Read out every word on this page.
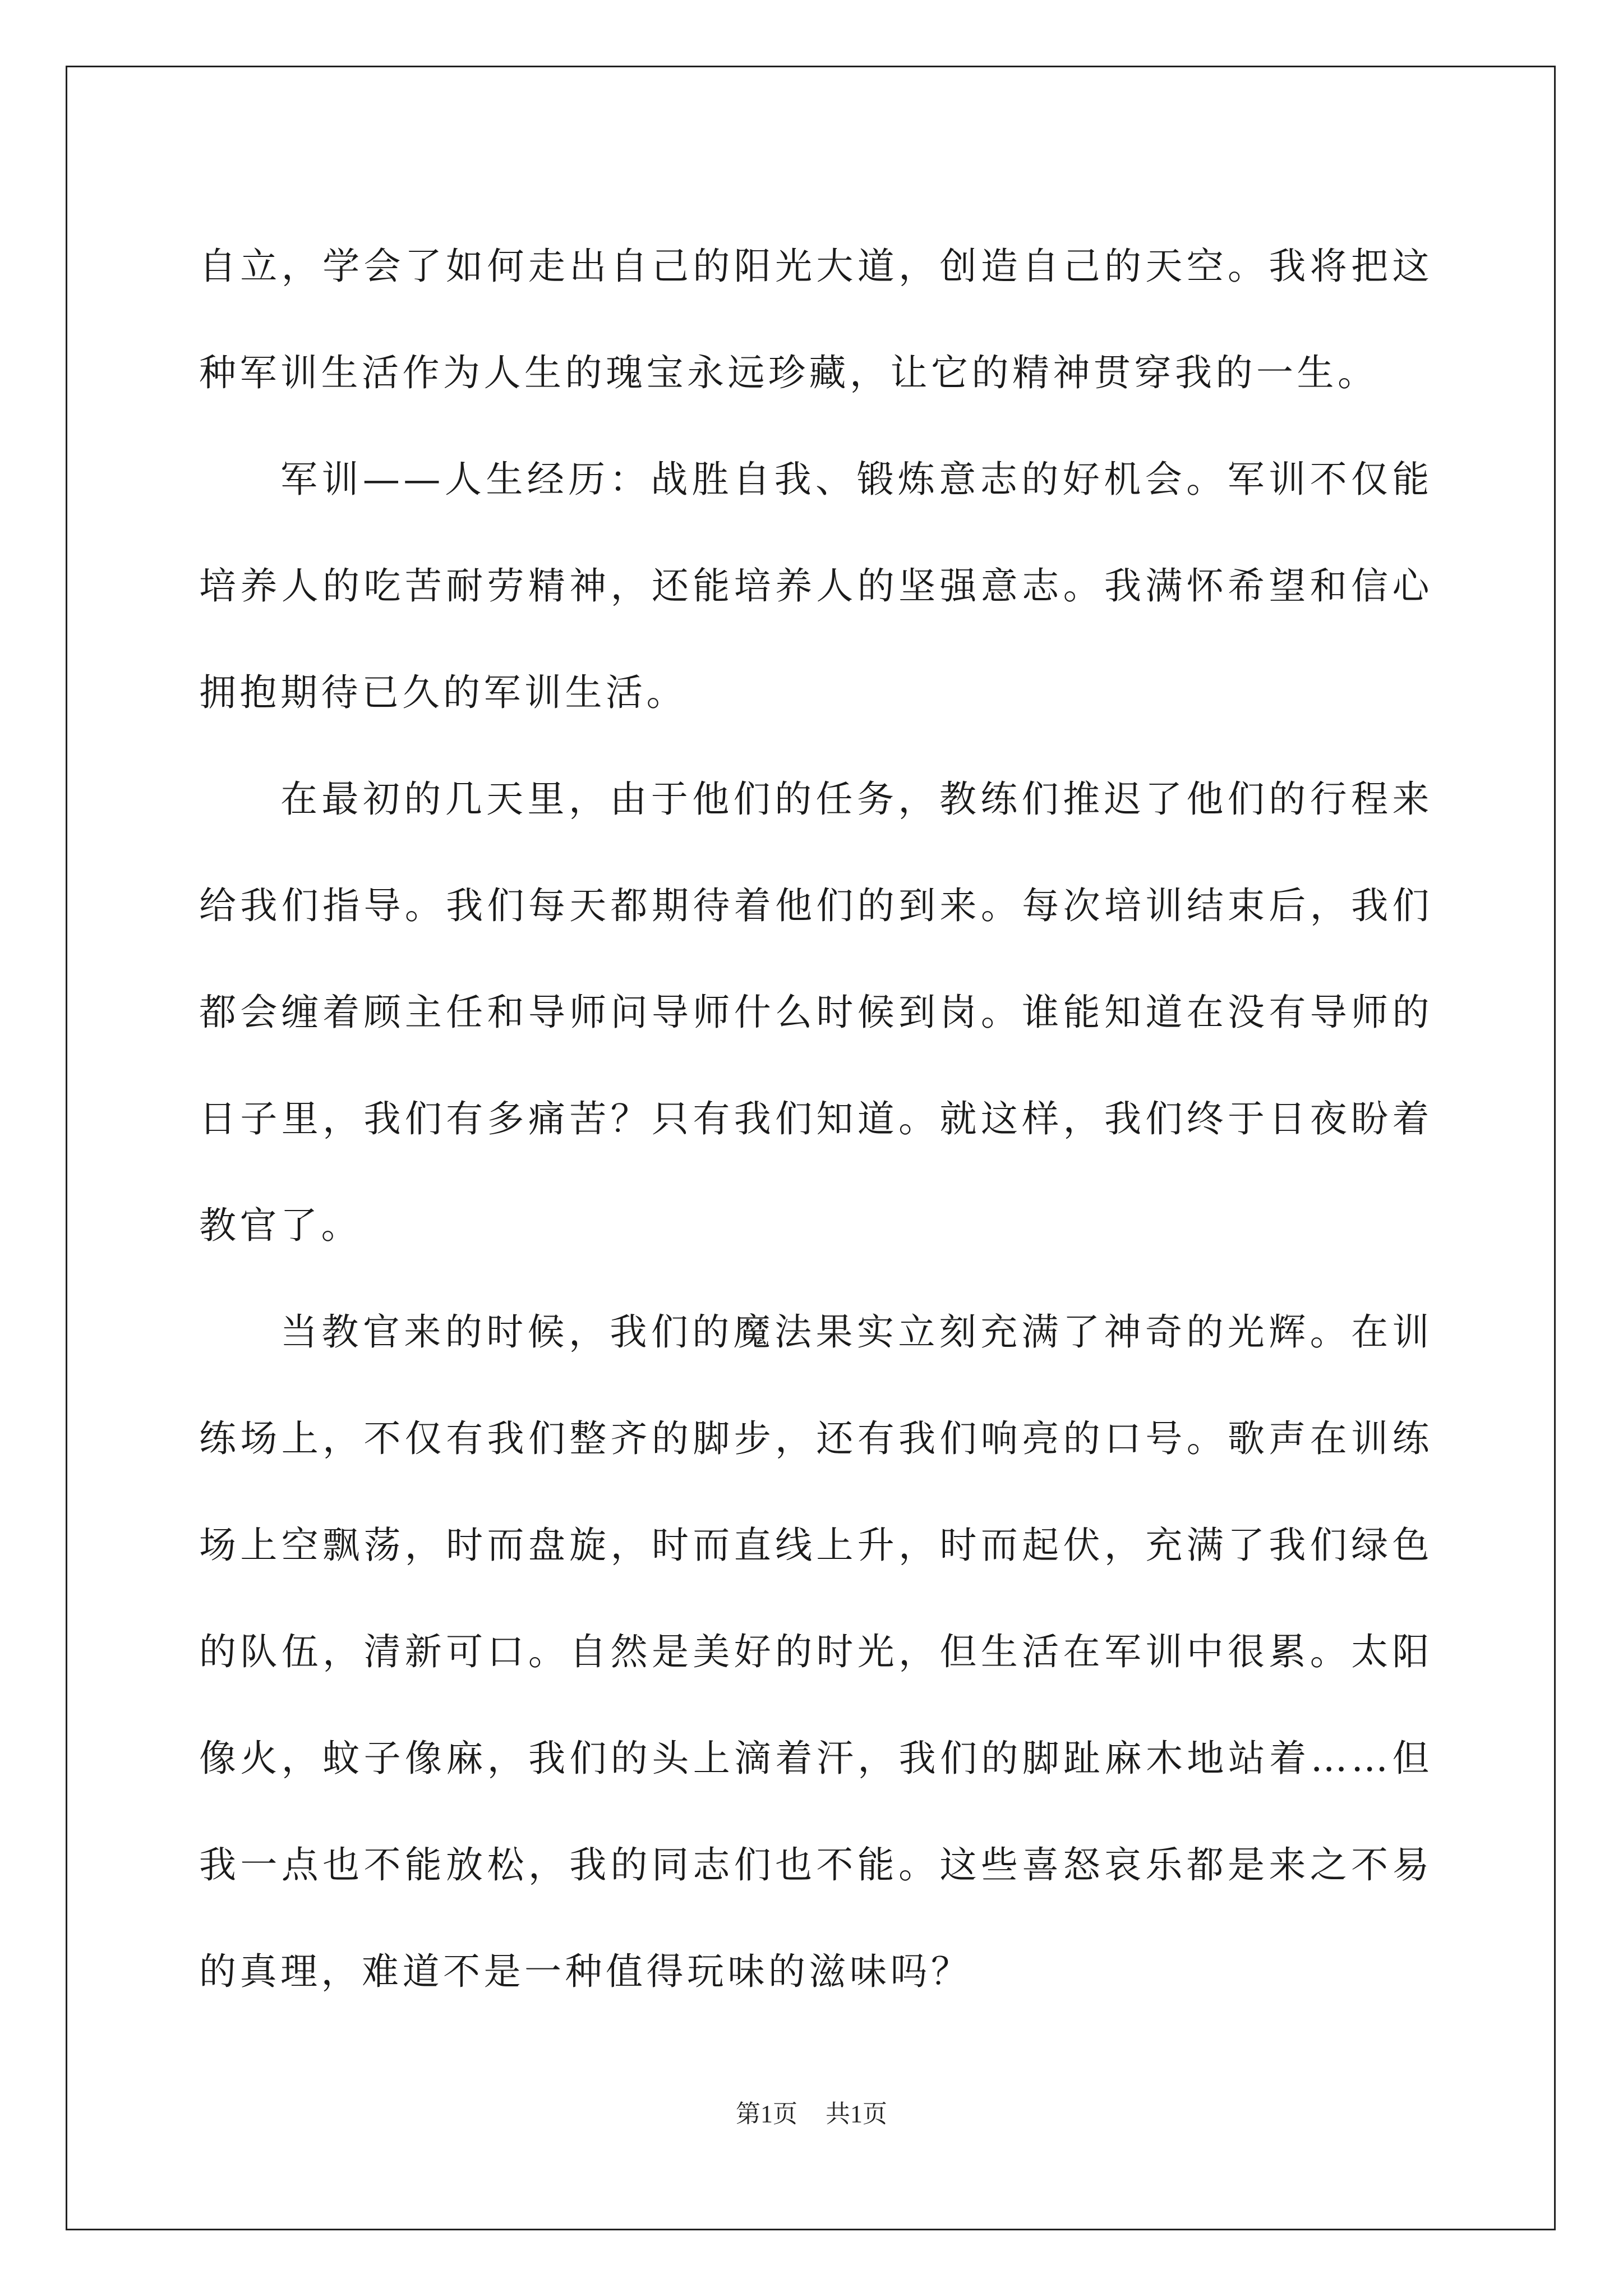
自立，学会了如何走出自己的阳光大道，创造自己的天空。我将把这种军训生活作为人生的瑰宝永远珍藏，让它的精神贯穿我的一生。

军训——人生经历：战胜自我、锻炼意志的好机会。军训不仅能培养人的吃苦耐劳精神，还能培养人的坚强意志。我满怀希望和信心拥抱期待已久的军训生活。

在最初的几天里，由于他们的任务，教练们推迟了他们的行程来给我们指导。我们每天都期待着他们的到来。每次培训结束后，我们都会缠着顾主任和导师问导师什么时候到岗。谁能知道在没有导师的日子里，我们有多痛苦？只有我们知道。就这样，我们终于日夜盼着教官了。

当教官来的时候，我们的魔法果实立刻充满了神奇的光辉。在训练场上，不仅有我们整齐的脚步，还有我们响亮的口号。歌声在训练场上空飘荡，时而盘旋，时而直线上升，时而起伏，充满了我们绿色的队伍，清新可口。自然是美好的时光，但生活在军训中很累。太阳像火，蚊子像麻，我们的头上滴着汗，我们的脚趾麻木地站着……但我一点也不能放松，我的同志们也不能。这些喜怒哀乐都是来之不易的真理，难道不是一种值得玩味的滋味吗？

第1页 共1页
